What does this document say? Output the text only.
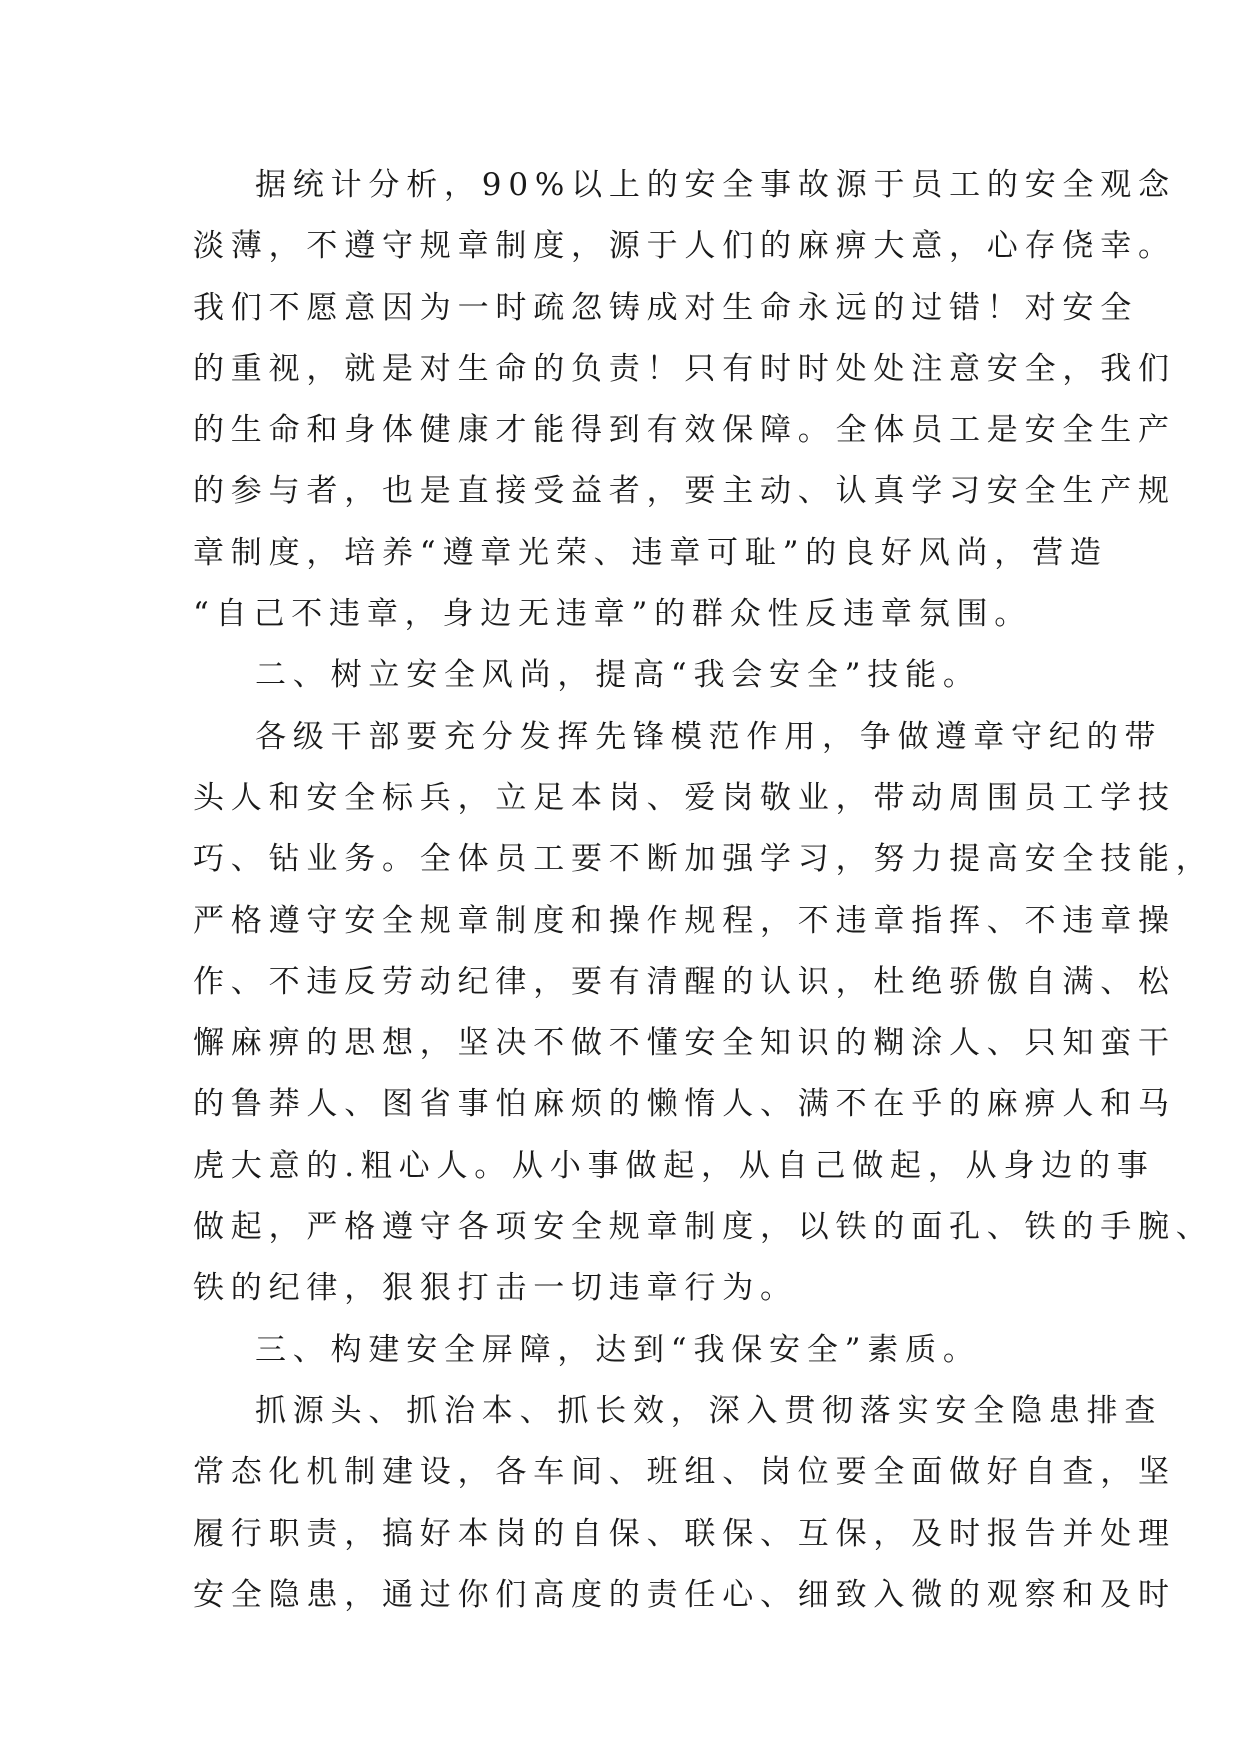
据统计分析，90%以上的安全事故源于员工的安全观念
淡薄，不遵守规章制度，源于人们的麻痹大意，心存侥幸。
我们不愿意因为一时疏忽铸成对生命永远的过错！对安全
的重视，就是对生命的负责！只有时时处处注意安全，我们
的生命和身体健康才能得到有效保障。全体员工是安全生产
的参与者，也是直接受益者，要主动、认真学习安全生产规
章制度，培养“遵章光荣、违章可耻”的良好风尚，营造
“自己不违章，身边无违章”的群众性反违章氛围。
二、树立安全风尚，提高“我会安全”技能。
各级干部要充分发挥先锋模范作用，争做遵章守纪的带
头人和安全标兵，立足本岗、爱岗敬业，带动周围员工学技
巧、钻业务。全体员工要不断加强学习，努力提高安全技能，
严格遵守安全规章制度和操作规程，不违章指挥、不违章操
作、不违反劳动纪律，要有清醒的认识，杜绝骄傲自满、松
懈麻痹的思想，坚决不做不懂安全知识的糊涂人、只知蛮干
的鲁莽人、图省事怕麻烦的懒惰人、满不在乎的麻痹人和马
虎大意的.粗心人。从小事做起，从自己做起，从身边的事
做起，严格遵守各项安全规章制度，以铁的面孔、铁的手腕、
铁的纪律，狠狠打击一切违章行为。
三、构建安全屏障，达到“我保安全”素质。
抓源头、抓治本、抓长效，深入贯彻落实安全隐患排查
常态化机制建设，各车间、班组、岗位要全面做好自查，坚
履行职责，搞好本岗的自保、联保、互保，及时报告并处理
安全隐患，通过你们高度的责任心、细致入微的观察和及时
